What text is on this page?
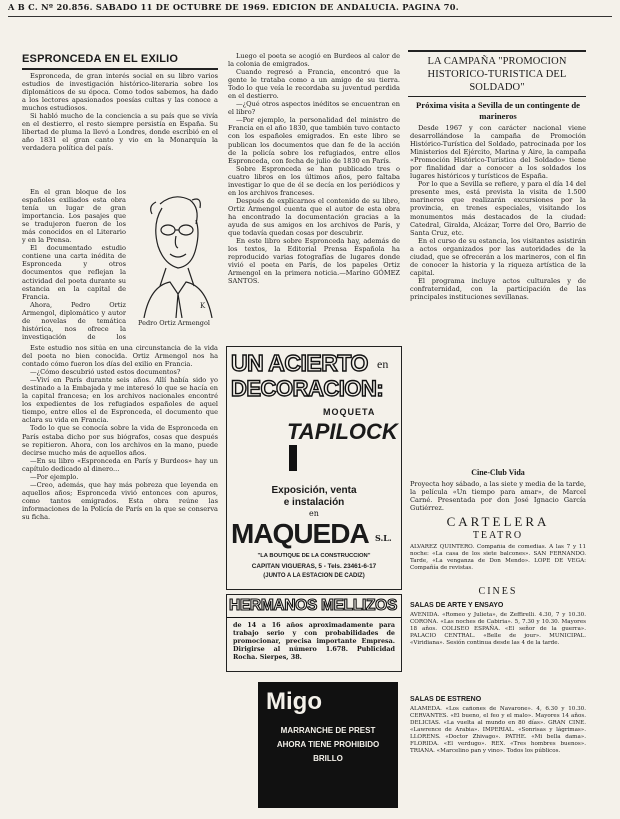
A B C. Nº 20.856. SABADO 11 DE OCTUBRE DE 1969. EDICION DE ANDALUCIA. PAGINA 70.
ESPRONCEDA EN EL EXILIO

Espronceda, de gran interés social en su libro varios estudios de investigación histórico-literaria sobre los diplomáticos de su época. Como todos sabemos, ha dado a los lectores apasionados poesías cultas y las conoce a muchos estudiosos.

Si habló mucho de la conciencia a su país que se vivía en el destierro, el resto siempre persistía en España. Su libertad de pluma la llevó a Londres, donde escribió en el año 1831 el gran canto y vio en la Monarquía la verdadera política del país.

En el gran bloque de los españoles exiliados esta obra tenía un lugar de gran importancia. Los pasajes que se tradujeron fueron de los más conocidos en el Literario y en la Prensa.

El documentado estudio contiene una carta inédita de Espronceda y otros documentos que reflejan la actividad del poeta durante su estancia en la capital de Francia.

Ahora, Pedro Ortiz Armengol, diplomático y autor de novelas de temática histórica, nos ofrece la investigación de los

K
Pedro Ortiz Armengol

Este estudio nos sitúa en una circunstancia de la vida del poeta no bien conocida. Ortiz Armengol nos ha contado cómo fueron los días del exilio en Francia.

—¿Cómo descubrió usted estos documentos?

—Viví en París durante seis años. Allí había sido yo destinado a la Embajada y me interesó lo que se hacía en la capital francesa; en los archivos nacionales encontré los expedientes de los refugiados españoles de aquel tiempo, entre ellos el de Espronceda, el documento que aclara su vida en Francia.

Todo lo que se conocía sobre la vida de Espronceda en París estaba dicho por sus biógrafos, cosas que después se repitieron. Ahora, con los archivos en la mano, puede decirse mucho más de aquellos años.

—En su libro «Espronceda en París y Burdeos» hay un capítulo dedicado al dinero...

—Por ejemplo.

—Creo, además, que hay más pobreza que leyenda en aquellos años; Espronceda vivió entonces con apuros, como tantos emigrados. Esta obra reúne las informaciones de la Policía de París en la que se conserva su ficha.

Luego el poeta se acogió en Burdeos al calor de la colonia de emigrados.

Cuando regresó a Francia, encontró que la gente le trataba como a un amigo de su tierra. Todo lo que veía le recordaba su juventud perdida en el destierro.

—¿Qué otros aspectos inéditos se encuentran en el libro?

—Por ejemplo, la personalidad del ministro de Francia en el año 1830, que también tuvo contacto con los españoles emigrados. En este libro se publican los documentos que dan fe de la acción de la policía sobre los refugiados, entre ellos Espronceda, con fecha de julio de 1830 en París.

Sobre Espronceda se han publicado tres o cuatro libros en los últimos años, pero faltaba investigar lo que de él se decía en los periódicos y en los archivos franceses.

Después de explicarnos el contenido de su libro, Ortiz Armengol cuenta que el autor de esta obra ha encontrado la documentación gracias a la ayuda de sus amigos en los archivos de París, y que todavía quedan cosas por descubrir.

En este libro sobre Espronceda hay, además de los textos, la Editorial Prensa Española ha reproducido varias fotografías de lugares donde vivió el poeta en París, de los papeles Ortiz Armengol en la primera noticia.—Marino GÓMEZ SANTOS.

UN ACIERTO en
DECORACION:
MOQUETA
TAPILOCK
Exposición, venta
e instalación
en
MAQUEDA S.L.
"LA BOUTIQUE DE LA CONSTRUCCION"
CAPITAN VIGUERAS, 5 - Tels. 23461-6-17
(JUNTO A LA ESTACION DE CADIZ)
HERMANOS MELLIZOS
de 14 a 16 años aproximadamente para trabajo serio y con probabilidades de promocionar, precisa importante Empresa. Dirigirse al número 1.678. Publicidad Rocha. Sierpes, 38.
Migo
MARRANCHE DE PREST
AHORA TIENE PROHIBIDO
BRILLO
LA CAMPAÑA "PROMOCION HISTORICO-TURISTICA DEL SOLDADO"
Próxima visita a Sevilla de un contingente de marineros

Desde 1967 y con carácter nacional viene desarrollándose la campaña de Promoción Histórico-Turística del Soldado, patrocinada por los Ministerios del Ejército, Marina y Aire, la campaña «Promoción Histórico-Turística del Soldado» tiene por finalidad dar a conocer a los soldados los lugares históricos y turísticos de España.

Por lo que a Sevilla se refiere, y para el día 14 del presente mes, está prevista la visita de 1.500 marineros que realizarán excursiones por la provincia, en trenes especiales, visitando los monumentos más destacados de la ciudad: Catedral, Giralda, Alcázar, Torre del Oro, Barrio de Santa Cruz, etc.

En el curso de su estancia, los visitantes asistirán a actos organizados por las autoridades de la ciudad, que se ofrecerán a los marineros, con el fin de conocer la historia y la riqueza artística de la capital.

El programa incluye actos culturales y de confraternidad, con la participación de las principales instituciones sevillanas.

Cine-Club Vida
Proyecta hoy sábado, a las siete y media de la tarde, la película «Un tiempo para amar», de Marcel Carné. Presentada por don José Ignacio García Gutiérrez.
CARTELERA
TEATRO
ALVAREZ QUINTERO. Compañía de comedias. A las 7 y 11 noche: «La casa de los siete balcones». SAN FERNANDO. Tarde, «La venganza de Don Mendo». LOPE DE VEGA: Compañía de revistas.
CINES
SALAS DE ARTE Y ENSAYO
AVENIDA. «Romeo y Julieta», de Zeffirelli. 4.30, 7 y 10.30. CORONA. «Las noches de Cabiria». 5, 7.30 y 10.30. Mayores 18 años. COLISEO ESPAÑA. «El señor de la guerra». PALACIO CENTRAL. «Belle de jour». MUNICIPAL. «Viridiana». Sesión continua desde las 4 de la tarde.
SALAS DE ESTRENO
ALAMEDA. «Los cañones de Navarone». 4, 6.30 y 10.30. CERVANTES. «El bueno, el feo y el malo». Mayores 14 años. DELICIAS. «La vuelta al mundo en 80 días». GRAN CINE. «Lawrence de Arabia». IMPERIAL. «Sonrisas y lágrimas». LLORENS. «Doctor Zhivago». PATHE. «Mi bella dama». FLORIDA. «El verdugo». REX. «Tres hombres buenos». TRIANA. «Marcelino pan y vino». Todos los públicos.
